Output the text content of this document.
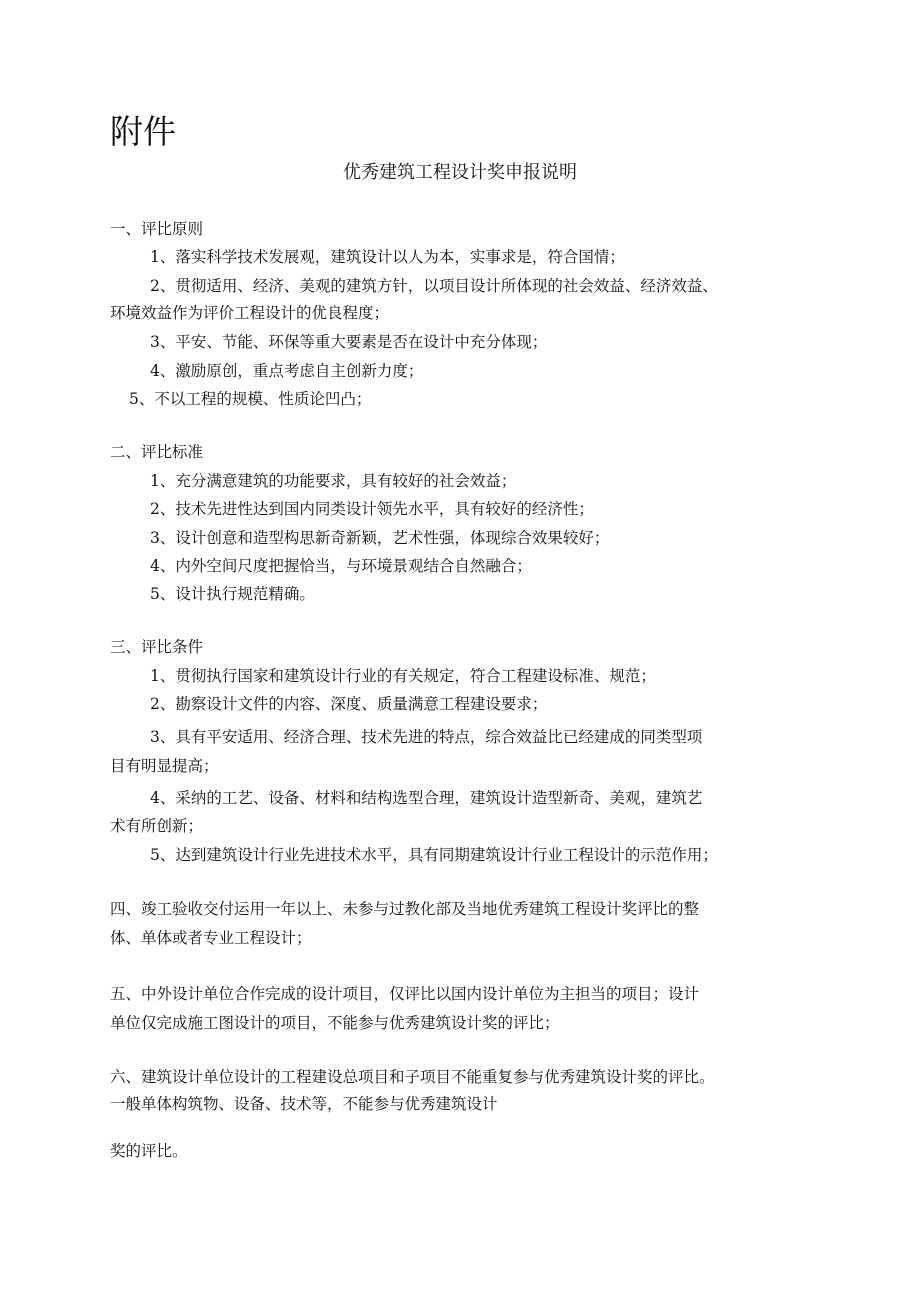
附件
优秀建筑工程设计奖申报说明
一、评比原则
1、落实科学技术发展观，建筑设计以人为本，实事求是，符合国情；
2、贯彻适用、经济、美观的建筑方针，以项目设计所体现的社会效益、经济效益、
环境效益作为评价工程设计的优良程度；
3、平安、节能、环保等重大要素是否在设计中充分体现；
4、激励原创，重点考虑自主创新力度；
5、不以工程的规模、性质论凹凸；
二、评比标准
1、充分满意建筑的功能要求，具有较好的社会效益；
2、技术先进性达到国内同类设计领先水平，具有较好的经济性；
3、设计创意和造型构思新奇新颖，艺术性强，体现综合效果较好；
4、内外空间尺度把握恰当，与环境景观结合自然融合；
5、设计执行规范精确。
三、评比条件
1、贯彻执行国家和建筑设计行业的有关规定，符合工程建设标准、规范；
2、勘察设计文件的内容、深度、质量满意工程建设要求；
3、具有平安适用、经济合理、技术先进的特点，综合效益比已经建成的同类型项
目有明显提高；
4、采纳的工艺、设备、材料和结构选型合理，建筑设计造型新奇、美观，建筑艺
术有所创新；
5、达到建筑设计行业先进技术水平，具有同期建筑设计行业工程设计的示范作用；
四、竣工验收交付运用一年以上、未参与过教化部及当地优秀建筑工程设计奖评比的整
体、单体或者专业工程设计；
五、中外设计单位合作完成的设计项目，仅评比以国内设计单位为主担当的项目；设计
单位仅完成施工图设计的项目，不能参与优秀建筑设计奖的评比；
六、建筑设计单位设计的工程建设总项目和子项目不能重复参与优秀建筑设计奖的评比。
一般单体构筑物、设备、技术等，不能参与优秀建筑设计
奖的评比。
